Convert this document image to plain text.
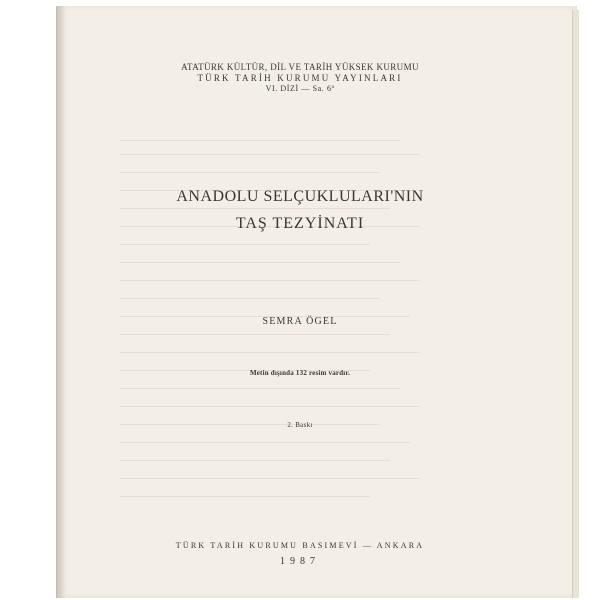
ATATÜRK KÜLTÜR, DİL VE TARİH YÜKSEK KURUMU
TÜRK TARİH KURUMU YAYINLARI
VI. DİZİ — Sa. 6ª
ANADOLU SELÇUKLULARI'NIN
TAŞ TEZYİNATI
SEMRA ÖGEL
Metin dışında 132 resim vardır.
2. Baskı
TÜRK TARİH KURUMU BASIMEVİ — ANKARA
1987
